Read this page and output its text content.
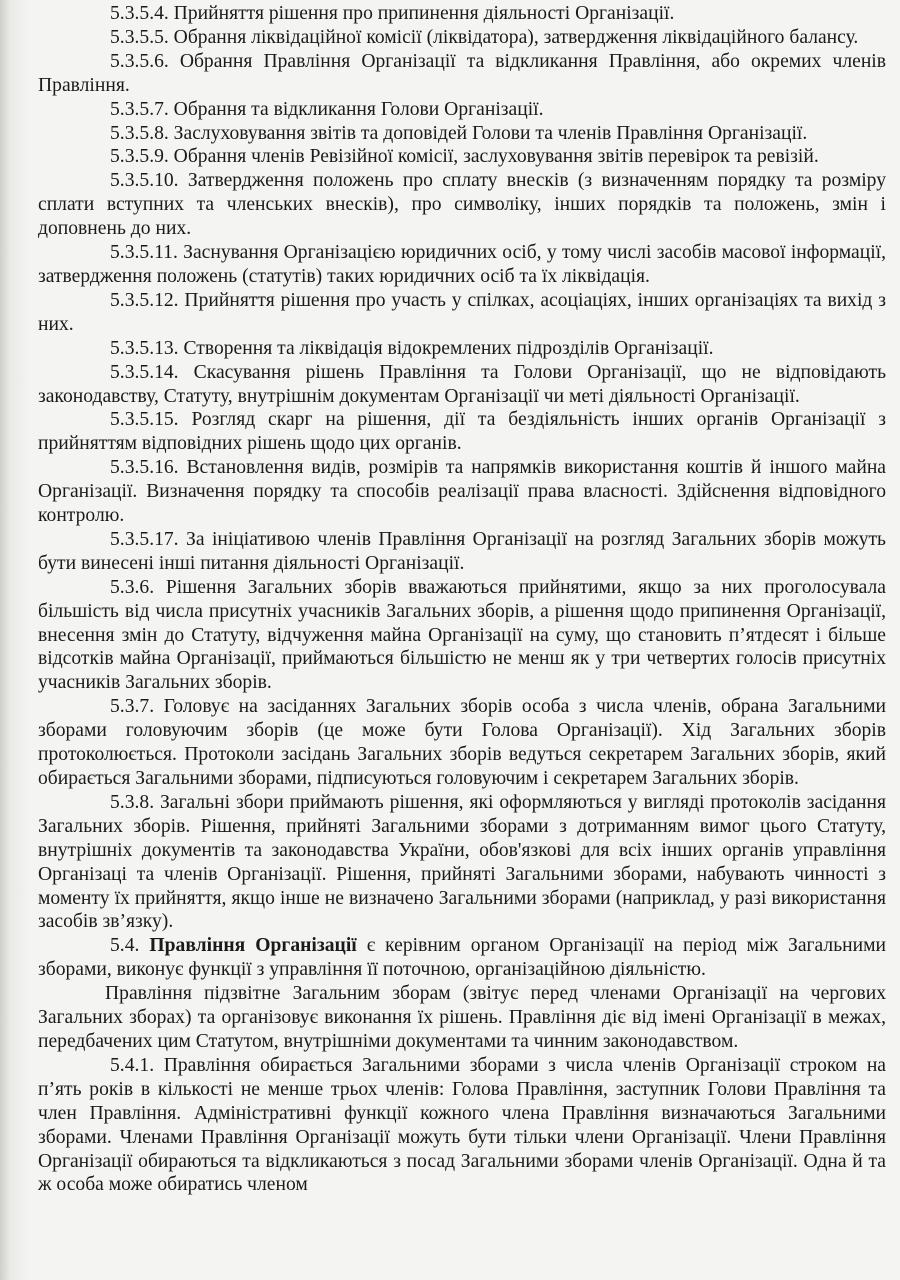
5.3.5.4. Прийняття рішення про припинення діяльності Організації.

5.3.5.5. Обрання ліквідаційної комісії (ліквідатора), затвердження ліквідаційного балансу.

5.3.5.6. Обрання Правління Організації та відкликання Правління, або окремих членів Правління.

5.3.5.7. Обрання та відкликання Голови Організації.

5.3.5.8. Заслуховування звітів та доповідей Голови та членів Правління Організації.

5.3.5.9. Обрання членів Ревізійної комісії, заслуховування звітів перевірок та ревізій.

5.3.5.10. Затвердження положень про сплату внесків (з визначенням порядку та розміру сплати вступних та членських внесків), про символіку, інших порядків та положень, змін і доповнень до них.

5.3.5.11. Заснування Організацією юридичних осіб, у тому числі засобів масової інформації, затвердження положень (статутів) таких юридичних осіб та їх ліквідація.

5.3.5.12. Прийняття рішення про участь у спілках, асоціаціях, інших організаціях та вихід з них.

5.3.5.13. Створення та ліквідація відокремлених підрозділів Організації.

5.3.5.14. Скасування рішень Правління та Голови Організації, що не відповідають законодавству, Статуту, внутрішнім документам Організації чи меті діяльності Організації.

5.3.5.15. Розгляд скарг на рішення, дії та бездіяльність інших органів Організації з прийняттям відповідних рішень щодо цих органів.

5.3.5.16. Встановлення видів, розмірів та напрямків використання коштів й іншого майна Організації. Визначення порядку та способів реалізації права власності. Здійснення відповідного контролю.

5.3.5.17. За ініціативою членів Правління Організації на розгляд Загальних зборів можуть бути винесені інші питання діяльності Організації.

5.3.6. Рішення Загальних зборів вважаються прийнятими, якщо за них проголосувала більшість від числа присутніх учасників Загальних зборів, а рішення щодо припинення Організації, внесення змін до Статуту, відчуження майна Організації на суму, що становить п’ятдесят і більше відсотків майна Організації, приймаються більшістю не менш як у три четвертих голосів присутніх учасників Загальних зборів.

5.3.7. Головує на засіданнях Загальних зборів особа з числа членів, обрана Загальними зборами головуючим зборів (це може бути Голова Організації). Хід Загальних зборів протоколюється. Протоколи засідань Загальних зборів ведуться секретарем Загальних зборів, який обирається Загальними зборами, підписуються головуючим і секретарем Загальних зборів.

5.3.8. Загальні збори приймають рішення, які оформляються у вигляді протоколів засідання Загальних зборів. Рішення, прийняті Загальними зборами з дотриманням вимог цього Статуту, внутрішніх документів та законодавства України, обов'язкові для всіх інших органів управління Організаці та членів Організації. Рішення, прийняті Загальними зборами, набувають чинності з моменту їх прийняття, якщо інше не визначено Загальними зборами (наприклад, у разі використання засобів зв’язку).

5.4. Правління Організації є керівним органом Організації на період між Загальними зборами, виконує функції з управління її поточною, організаційною діяльністю.

Правління підзвітне Загальним зборам (звітує перед членами Організації на чергових Загальних зборах) та організовує виконання їх рішень. Правління діє від імені Організації в межах, передбачених цим Статутом, внутрішніми документами та чинним законодавством.

5.4.1. Правління обирається Загальними зборами з числа членів Організації строком на п’ять років в кількості не менше трьох членів: Голова Правління, заступник Голови Правління та член Правління. Адміністративні функції кожного члена Правління визначаються Загальними зборами. Членами Правління Організації можуть бути тільки члени Організації. Члени Правління Організації обираються та відкликаються з посад Загальними зборами членів Організації. Одна й та ж особа може обиратись членом
